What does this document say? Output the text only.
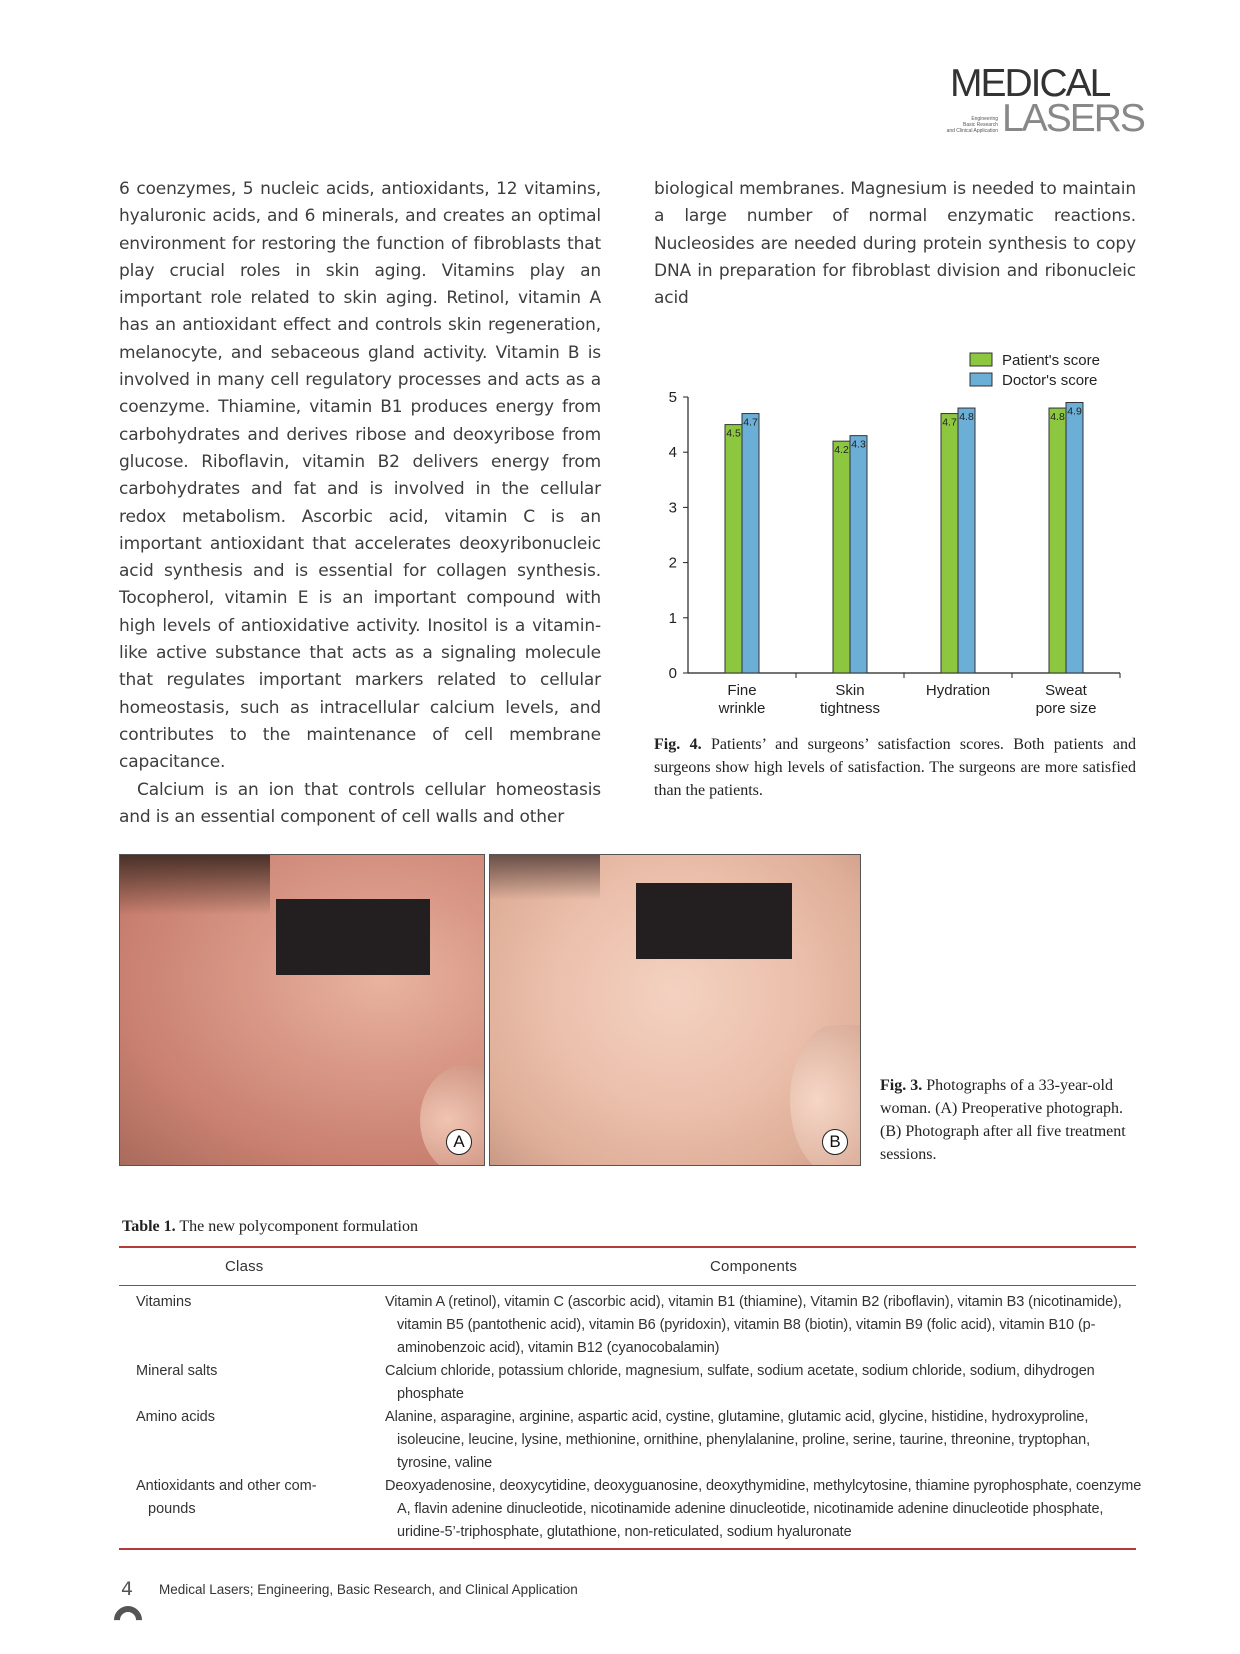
MEDICAL
Engineering
Basic Research
and Clinical Application LASERS

6 coenzymes, 5 nucleic acids, antioxidants, 12 vitamins, hyaluronic acids, and 6 minerals, and creates an optimal environment for restoring the function of fibroblasts that play crucial roles in skin aging. Vitamins play an important role related to skin aging. Retinol, vitamin A has an antioxidant effect and controls skin regeneration, melanocyte, and sebaceous gland activity. Vitamin B is involved in many cell regulatory processes and acts as a coenzyme. Thiamine, vitamin B1 produces energy from carbohydrates and derives ribose and deoxyribose from glucose. Riboflavin, vitamin B2 delivers energy from carbohydrates and fat and is involved in the cellular redox metabolism. Ascorbic acid, vitamin C is an important antioxidant that accelerates deoxyribonucleic acid synthesis and is essential for collagen synthesis. Tocopherol, vitamin E is an important compound with high levels of antioxidative activity. Inositol is a vitamin-like active substance that acts as a signaling molecule that regulates important markers related to cellular homeostasis, such as intracellular calcium levels, and contributes to the maintenance of cell membrane capacitance.

Calcium is an ion that controls cellular homeostasis and is an essential component of cell walls and other

biological membranes. Magnesium is needed to maintain a large number of normal enzymatic reactions. Nucleosides are needed during protein synthesis to copy DNA in preparation for fibroblast division and ribonucleic acid

0
1
2
3
4
5
4.5
4.7
Fine
wrinkle
4.2 4.3
Skin
tightness
4.7 4.8
Hydration
4.8 4.9
Sweat
pore size
Patient's score
Doctor's score
Fig. 4. Patients’ and surgeons’ satisfaction scores. Both patients and surgeons show high levels of satisfaction. The surgeons are more satisfied than the patients.
A	B
Fig. 3. Photographs of a 33-year-old woman. (A) Preoperative photograph. (B) Photograph after all five treatment sessions.
Table 1. The new polycomponent formulation
Class	Components
Vitamins	Vitamin A (retinol), vitamin C (ascorbic acid), vitamin B1 (thiamine), Vitamin B2 (riboflavin), vitamin B3 (nicotinamide), vitamin B5 (pantothenic acid), vitamin B6 (pyridoxin), vitamin B8 (biotin), vitamin B9 (folic acid), vitamin B10 (p-aminobenzoic acid), vitamin B12 (cyanocobalamin)
Mineral salts	Calcium chloride, potassium chloride, magnesium, sulfate, sodium acetate, sodium chloride, sodium, dihydrogen phosphate
Amino acids	Alanine, asparagine, arginine, aspartic acid, cystine, glutamine, glutamic acid, glycine, histidine, hydroxyproline, isoleucine, leucine, lysine, methionine, ornithine, phenylalanine, proline, serine, taurine, threonine, tryptophan, tyrosine, valine
Antioxidants and other com-
pounds
Deoxyadenosine, deoxycytidine, deoxyguanosine, deoxythymidine, methylcytosine, thiamine pyrophosphate, coenzyme A, flavin adenine dinucleotide, nicotinamide adenine dinucleotide, nicotinamide adenine dinucleotide phosphate, uridine-5’-triphosphate, glutathione, non-reticulated, sodium hyaluronate
4 Medical Lasers; Engineering, Basic Research, and Clinical Application
